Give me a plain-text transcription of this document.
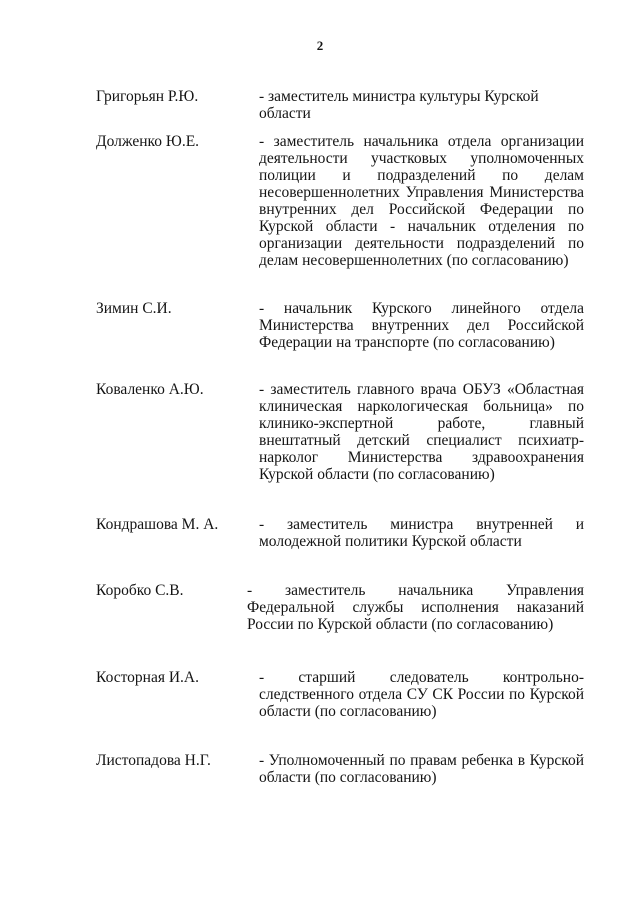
2
Григорьян Р.Ю.	- заместитель министра культуры Курской области
Долженко Ю.Е.	- заместитель начальника отдела организации деятельности участковых уполномоченных полиции и подразделений по делам несовершеннолетних Управления Министерства внутренних дел Российской Федерации по Курской области - начальник отделения по организации деятельности подразделений по делам несовершеннолетних (по согласованию)
Зимин С.И.	- начальник Курского линейного отдела Министерства внутренних дел Российской Федерации на транспорте (по согласованию)
Коваленко А.Ю.	- заместитель главного врача ОБУЗ «Областная клиническая наркологическая больница» по клинико-экспертной работе, главный внештатный детский специалист психиатр-нарколог Министерства здравоохранения Курской области (по согласованию)
Кондрашова М. А.	- заместитель министра внутренней и молодежной политики Курской области
Коробко С.В.	- заместитель начальника Управления Федеральной службы исполнения наказаний России по Курской области (по согласованию)
Косторная И.А.	- старший следователь контрольно-следственного отдела СУ СК России по Курской области (по согласованию)
Листопадова Н.Г.	- Уполномоченный по правам ребенка в Курской области (по согласованию)
